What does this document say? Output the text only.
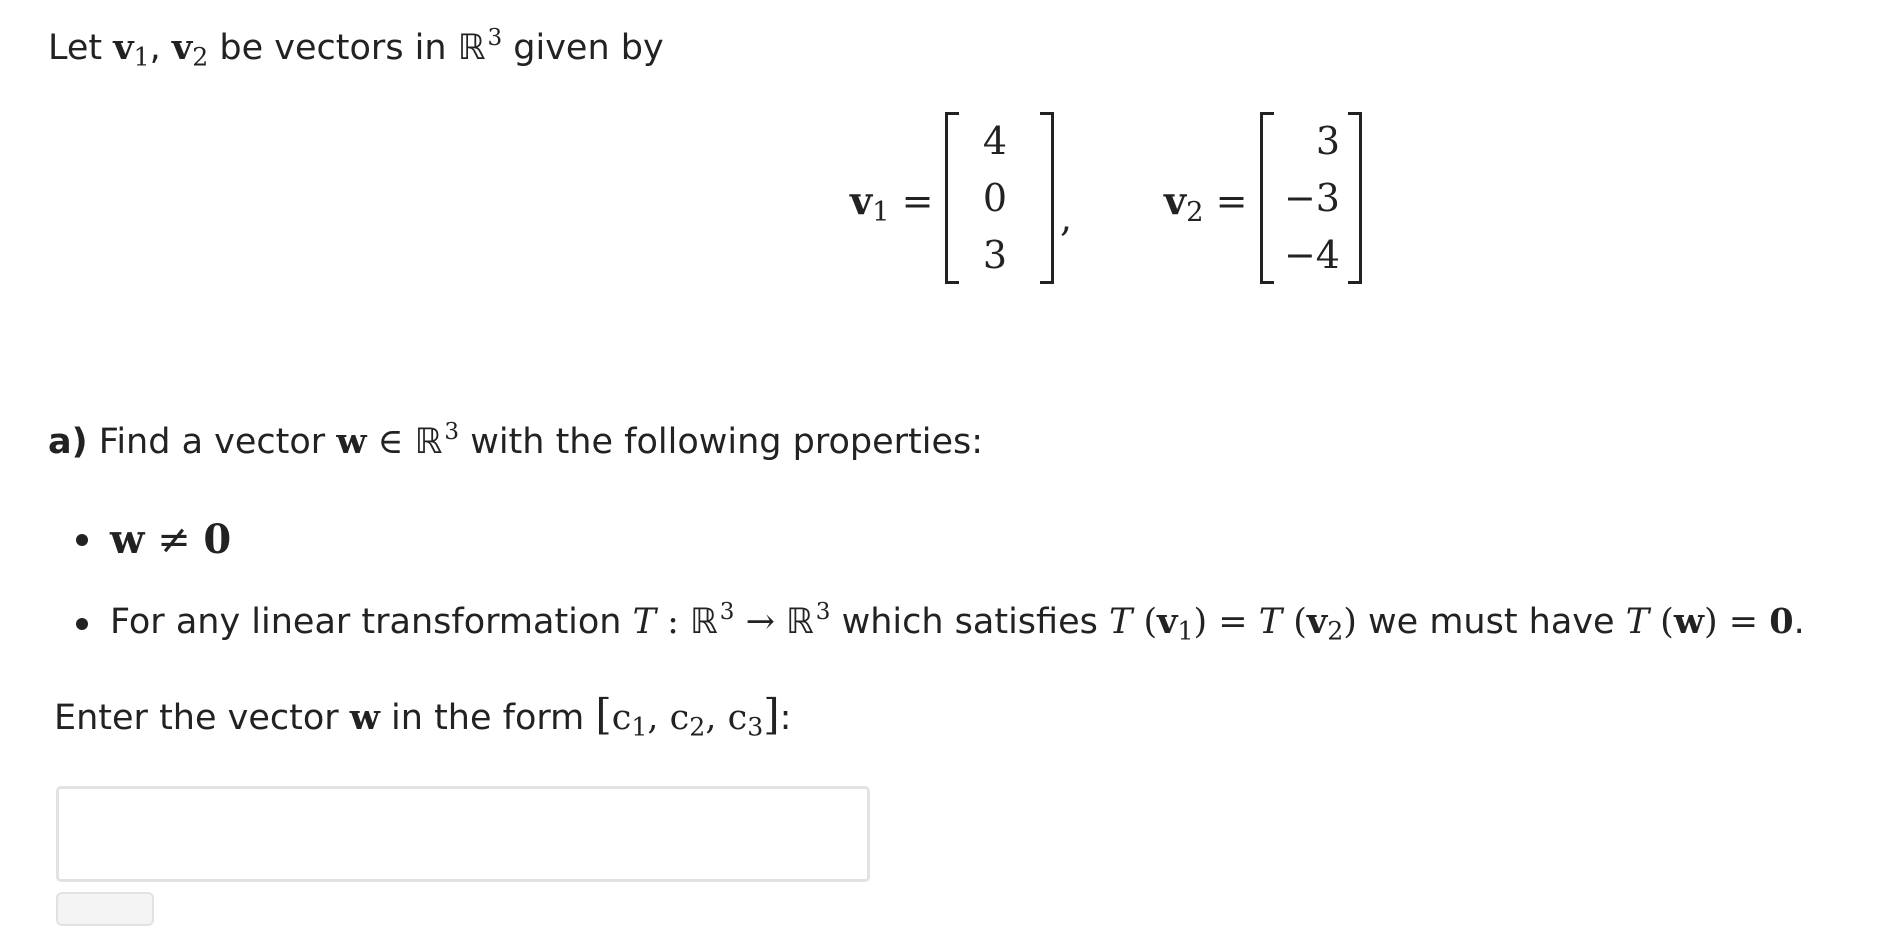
Let $v_1$, $v_2$ be vectors in ℝ$^3$ given by
$v_1$ =
4
0
3
, $v_2$ =
3
−3
−4
a) Find a vector w ∈ ℝ$^3$ with the following properties:
w ≠ 0
For any linear transformation T : ℝ$^3$ → ℝ$^3$ which satisfies T $(v_1) = T$ $(v_2)$ we must have T (w) = 0.
Enter the vector w in the form [$c_1$, $c_2$, $c_3$]:
